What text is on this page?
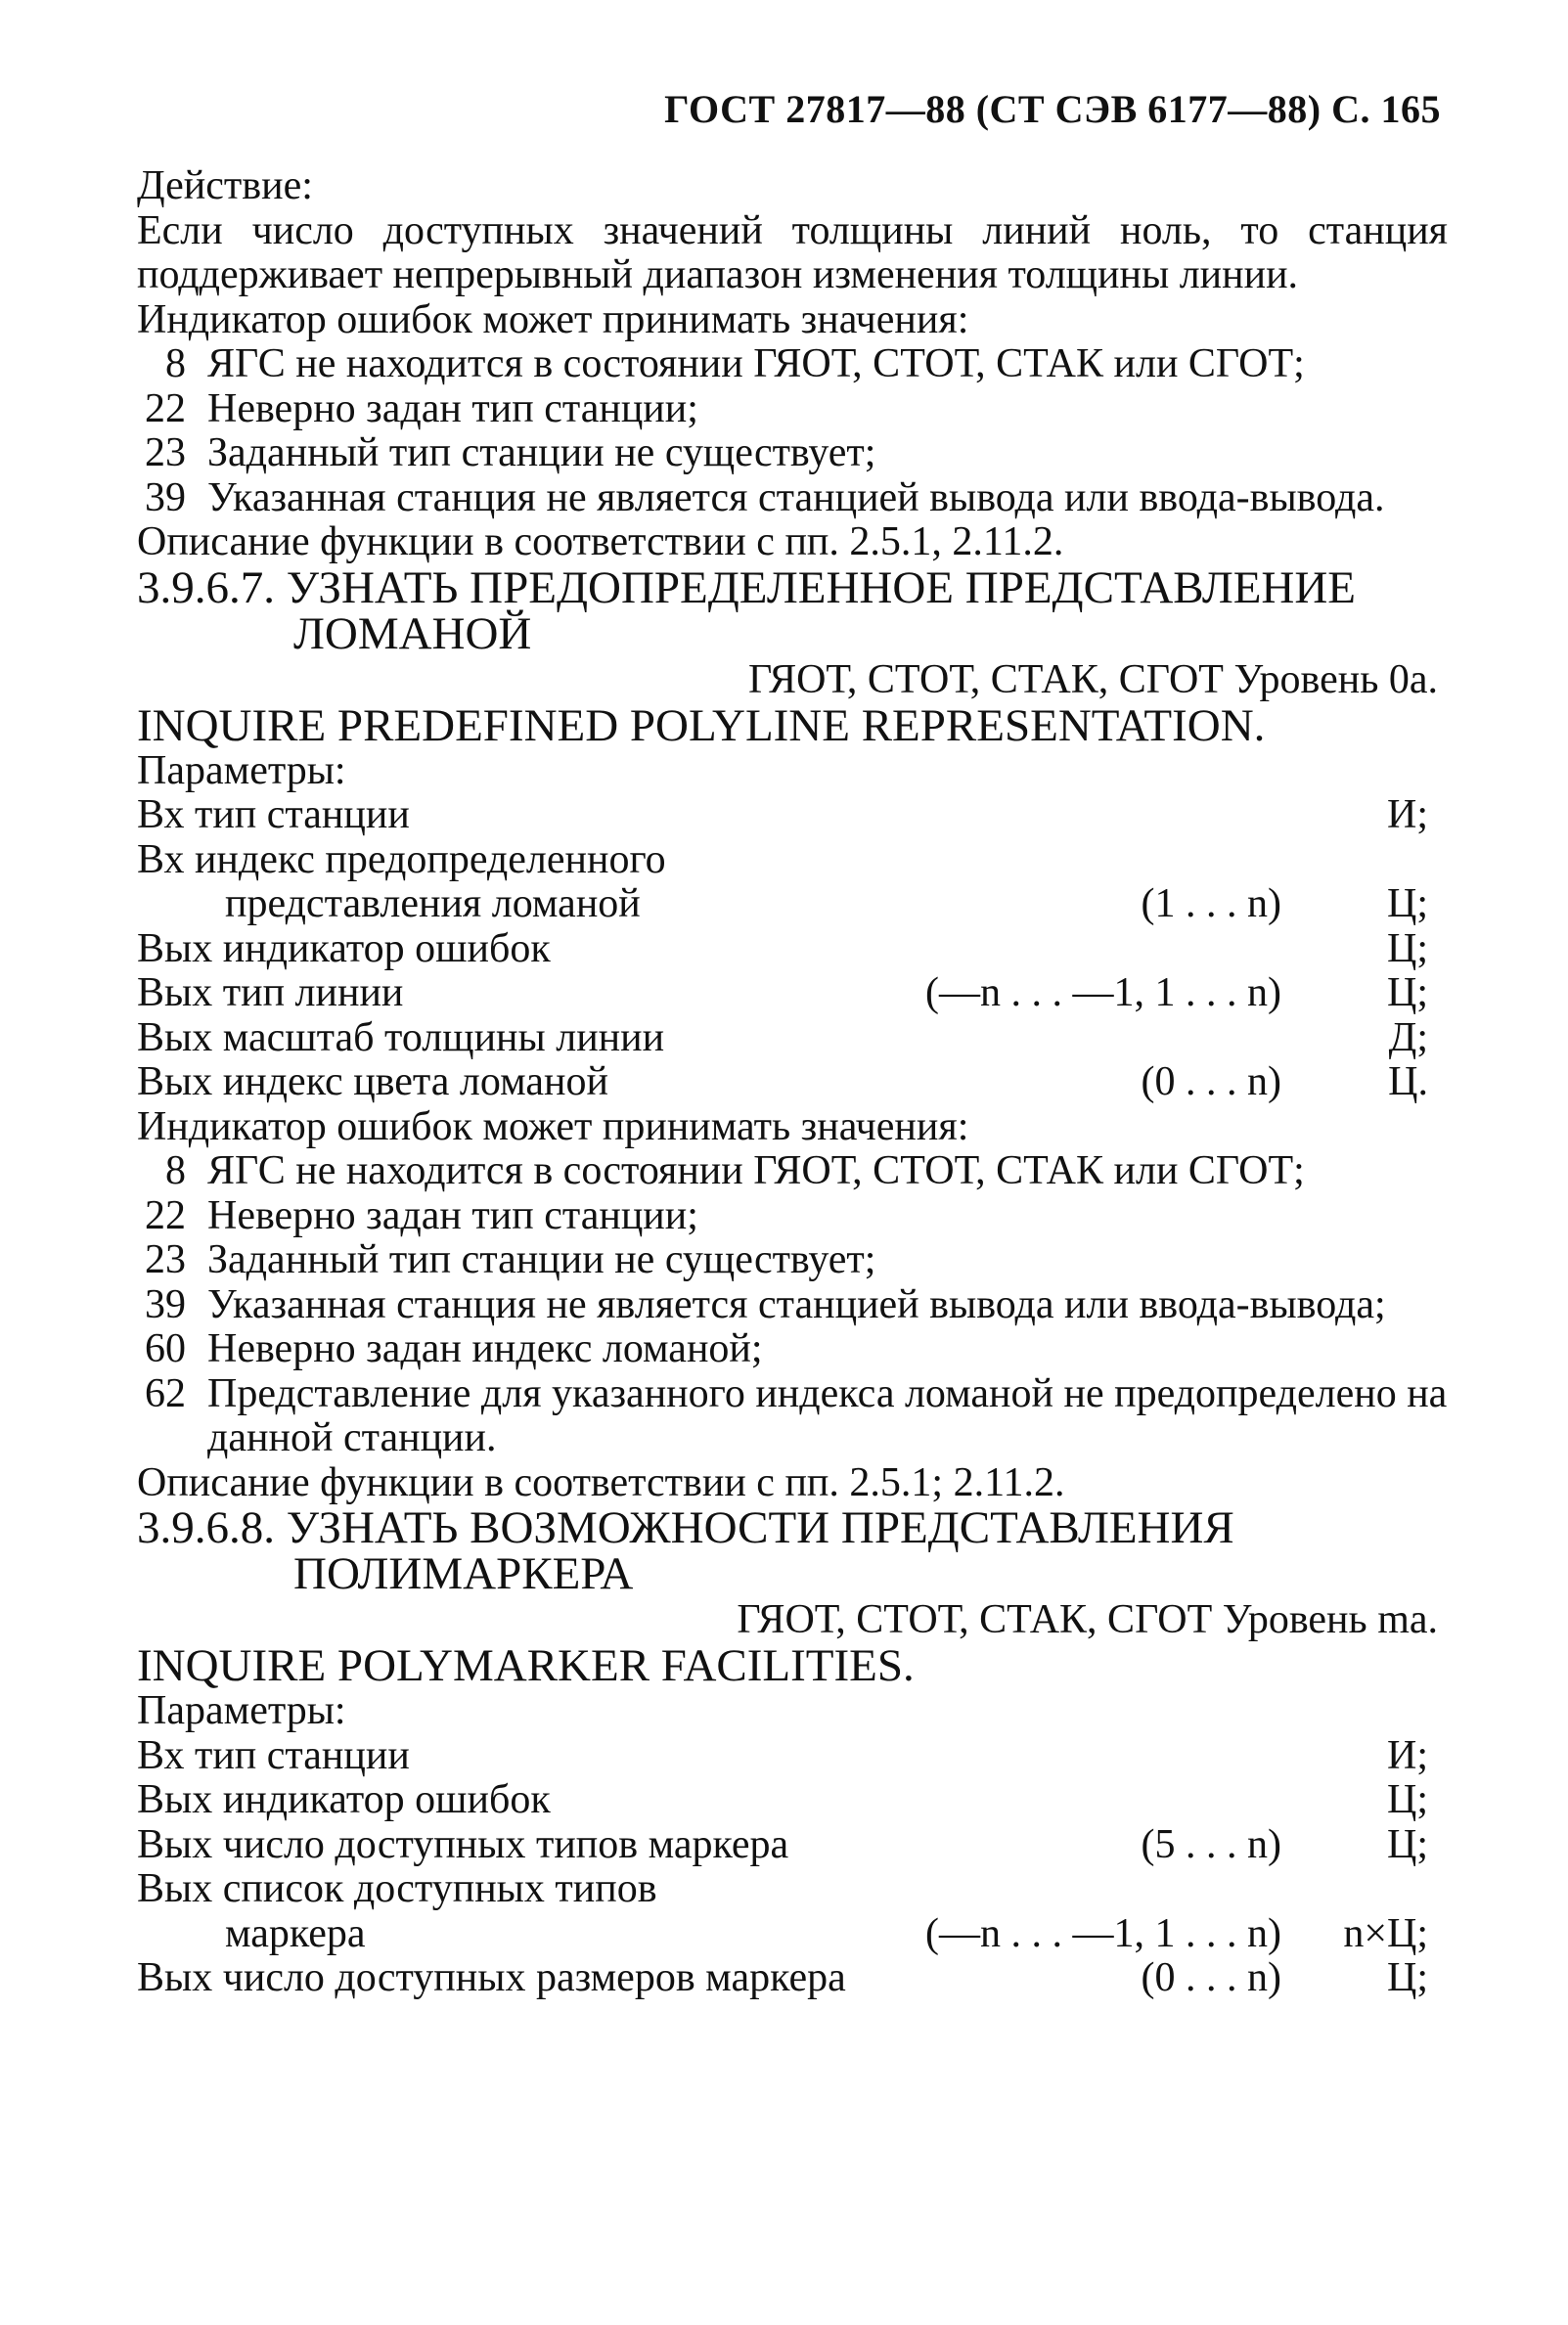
ГОСТ 27817—88 (СТ СЭВ 6177—88) С. 165
Действие:
Если число доступных значений толщины линий ноль, то станция поддерживает непрерывный диапазон изменения толщины линии.
Индикатор ошибок может принимать значения:
8 ЯГС не находится в состоянии ГЯОТ, СТОТ, СТАК или СГОТ;
22 Неверно задан тип станции;
23 Заданный тип станции не существует;
39 Указанная станция не является станцией вывода или ввода-вывода.
Описание функции в соответствии с пп. 2.5.1, 2.11.2.
3.9.6.7. УЗНАТЬ ПРЕДОПРЕДЕЛЕННОЕ ПРЕДСТАВЛЕНИЕ
ЛОМАНОЙ
ГЯОТ, СТОТ, СТАК, СГОТ Уровень 0а.
INQUIRE PREDEFINED POLYLINE REPRESENTATION.
Параметры:
Вх тип станции	И;
Вх индекс предопределенного
представления ломаной	(1 . . . n)	Ц;
Вых индикатор ошибок	Ц;
Вых тип линии	(—n . . . —1, 1 . . . n)	Ц;
Вых масштаб толщины линии	Д;
Вых индекс цвета ломаной	(0 . . . n)	Ц.
Индикатор ошибок может принимать значения:
8 ЯГС не находится в состоянии ГЯОТ, СТОТ, СТАК или СГОТ;
22 Неверно задан тип станции;
23 Заданный тип станции не существует;
39 Указанная станция не является станцией вывода или ввода-вывода;
60 Неверно задан индекс ломаной;
62 Представление для указанного индекса ломаной не предопределено на данной станции.
Описание функции в соответствии с пп. 2.5.1; 2.11.2.
3.9.6.8. УЗНАТЬ ВОЗМОЖНОСТИ ПРЕДСТАВЛЕНИЯ
ПОЛИМАРКЕРА
ГЯОТ, СТОТ, СТАК, СГОТ Уровень mа.
INQUIRE POLYMARKER FACILITIES.
Параметры:
Вх тип станции	И;
Вых индикатор ошибок	Ц;
Вых число доступных типов маркера	(5 . . . n)	Ц;
Вых список доступных типов
маркера	(—n . . . —1, 1 . . . n) n×Ц;
Вых число доступных размеров маркера	(0 . . . n)	Ц;
